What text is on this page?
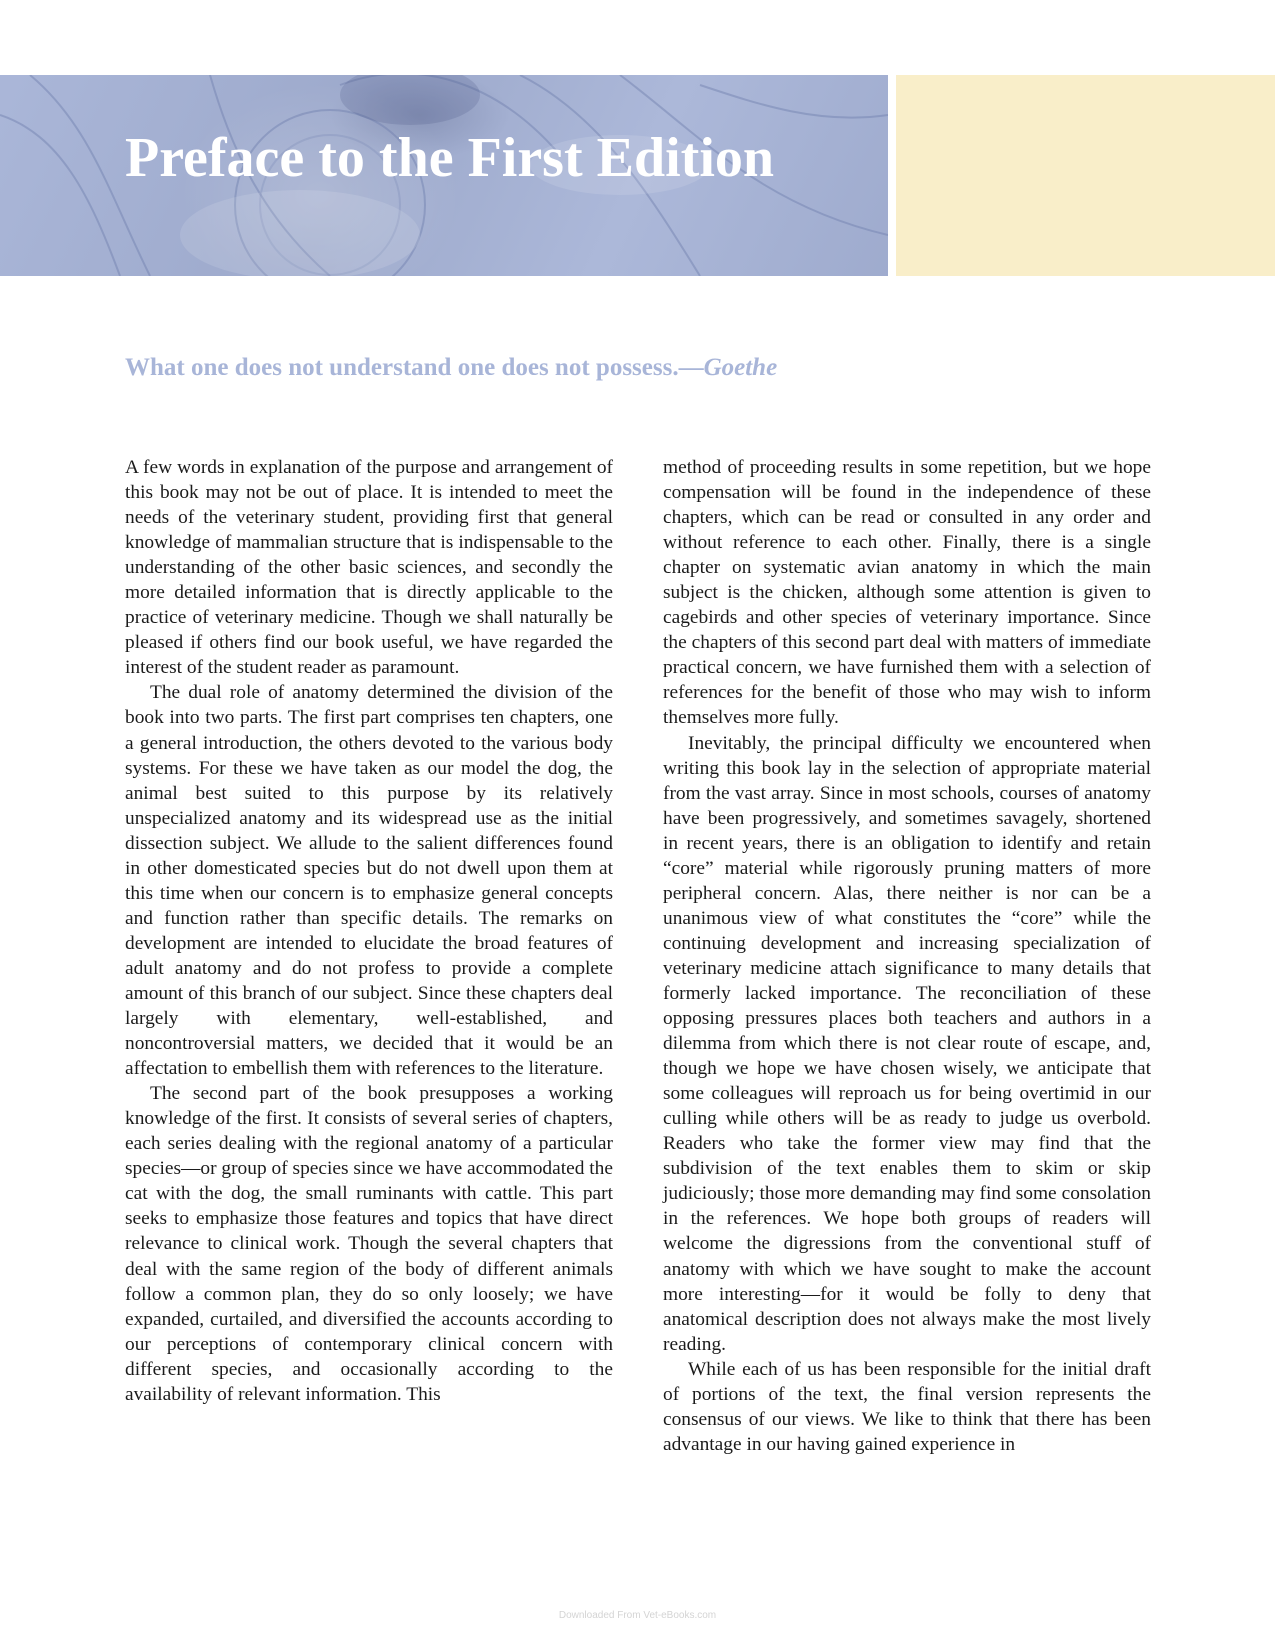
Preface to the First Edition

What one does not understand one does not possess.—Goethe

A few words in explanation of the purpose and arrangement of this book may not be out of place. It is intended to meet the needs of the veterinary student, providing first that general knowledge of mammalian structure that is indispensable to the understanding of the other basic sciences, and secondly the more detailed information that is directly applicable to the practice of veterinary medicine. Though we shall naturally be pleased if others find our book useful, we have regarded the interest of the student reader as paramount.

The dual role of anatomy determined the division of the book into two parts. The first part comprises ten chapters, one a general introduction, the others devoted to the various body systems. For these we have taken as our model the dog, the animal best suited to this purpose by its relatively unspecialized anatomy and its widespread use as the initial dissection subject. We allude to the salient differences found in other domesticated species but do not dwell upon them at this time when our concern is to emphasize general concepts and function rather than specific details. The remarks on development are intended to elucidate the broad features of adult anatomy and do not profess to provide a complete amount of this branch of our subject. Since these chapters deal largely with elementary, well-established, and noncontroversial matters, we decided that it would be an affectation to embellish them with references to the literature.

The second part of the book presupposes a working knowledge of the first. It consists of several series of chapters, each series dealing with the regional anatomy of a particular species—or group of species since we have accommodated the cat with the dog, the small ruminants with cattle. This part seeks to emphasize those features and topics that have direct relevance to clinical work. Though the several chapters that deal with the same region of the body of different animals follow a common plan, they do so only loosely; we have expanded, curtailed, and diversified the accounts according to our perceptions of contemporary clinical concern with different species, and occasionally according to the availability of relevant information. This

method of proceeding results in some repetition, but we hope compensation will be found in the independence of these chapters, which can be read or consulted in any order and without reference to each other. Finally, there is a single chapter on systematic avian anatomy in which the main subject is the chicken, although some attention is given to cagebirds and other species of veterinary importance. Since the chapters of this second part deal with matters of immediate practical concern, we have furnished them with a selection of references for the benefit of those who may wish to inform themselves more fully.

Inevitably, the principal difficulty we encountered when writing this book lay in the selection of appropriate material from the vast array. Since in most schools, courses of anatomy have been progressively, and sometimes savagely, shortened in recent years, there is an obligation to identify and retain “core” material while rigorously pruning matters of more peripheral concern. Alas, there neither is nor can be a unanimous view of what constitutes the “core” while the continuing development and increasing specialization of veterinary medicine attach significance to many details that formerly lacked importance. The reconciliation of these opposing pressures places both teachers and authors in a dilemma from which there is not clear route of escape, and, though we hope we have chosen wisely, we anticipate that some colleagues will reproach us for being overtimid in our culling while others will be as ready to judge us overbold. Readers who take the former view may find that the subdivision of the text enables them to skim or skip judiciously; those more demanding may find some consolation in the references. We hope both groups of readers will welcome the digressions from the conventional stuff of anatomy with which we have sought to make the account more interesting—for it would be folly to deny that anatomical description does not always make the most lively reading.

While each of us has been responsible for the initial draft of portions of the text, the final version represents the consensus of our views. We like to think that there has been advantage in our having gained experience in

Downloaded From Vet-eBooks.com
